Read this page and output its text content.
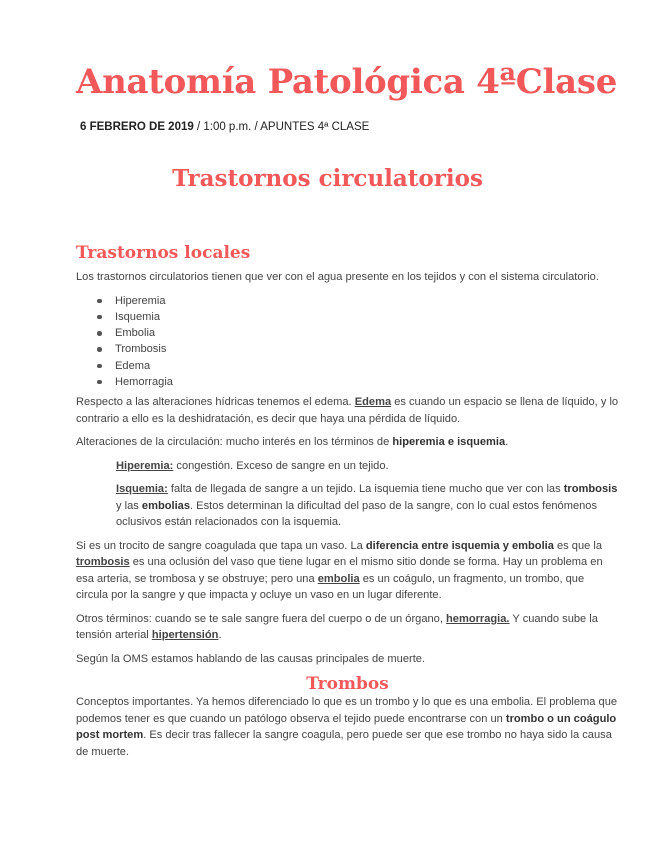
Anatomía Patológica 4ªClase
6 FEBRERO DE 2019 / 1:00 p.m. / APUNTES 4ª CLASE
Trastornos circulatorios
Trastornos locales

Los trastornos circulatorios tienen que ver con el agua presente en los tejidos y con el sistema circulatorio.

Hiperemia
Isquemia
Embolia
Trombosis
Edema
Hemorragia

Respecto a las alteraciones hídricas tenemos el edema. Edema es cuando un espacio se llena de líquido, y lo contrario a ello es la deshidratación, es decir que haya una pérdida de líquido.

Alteraciones de la circulación: mucho interés en los términos de hiperemia e isquemia.

Hiperemia: congestión. Exceso de sangre en un tejido.

Isquemia: falta de llegada de sangre a un tejido. La isquemia tiene mucho que ver con las trombosis y las embolias. Estos determinan la dificultad del paso de la sangre, con lo cual estos fenómenos oclusivos están relacionados con la isquemia.

Si es un trocito de sangre coagulada que tapa un vaso. La diferencia entre isquemia y embolia es que la trombosis es una oclusión del vaso que tiene lugar en el mismo sitio donde se forma. Hay un problema en esa arteria, se trombosa y se obstruye; pero una embolia es un coágulo, un fragmento, un trombo, que circula por la sangre y que impacta y ocluye un vaso en un lugar diferente.

Otros términos: cuando se te sale sangre fuera del cuerpo o de un órgano, hemorragia. Y cuando sube la tensión arterial hipertensión.

Según la OMS estamos hablando de las causas principales de muerte.

Trombos

Conceptos importantes. Ya hemos diferenciado lo que es un trombo y lo que es una embolia. El problema que podemos tener es que cuando un patólogo observa el tejido puede encontrarse con un trombo o un coágulo post mortem. Es decir tras fallecer la sangre coagula, pero puede ser que ese trombo no haya sido la causa de muerte.
